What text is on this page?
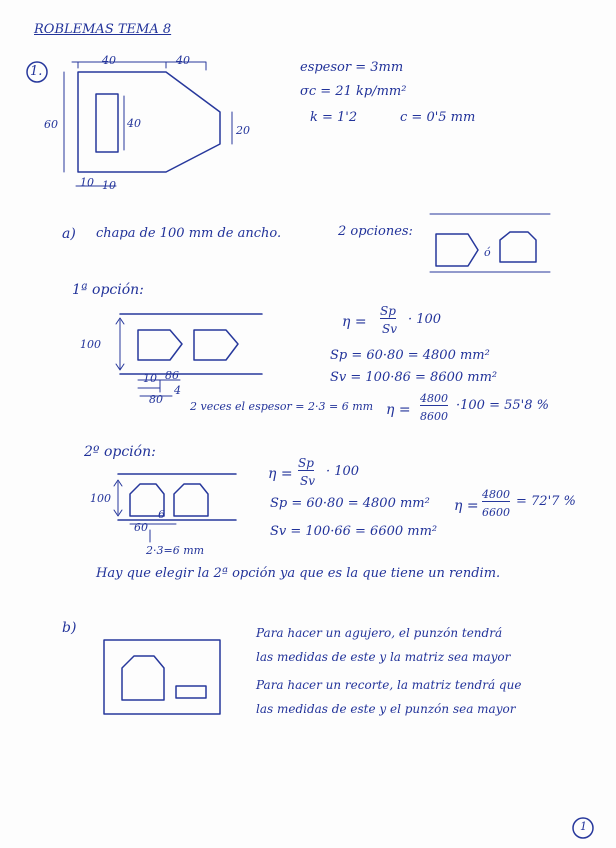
ROBLEMAS TEMA 8
1.
40	40
60	40
20
10 10
espesor = 3mm
σc = 21 kp/mm²
k = 1'2	c = 0'5 mm
a) chapa de 100 mm de ancho.	2 opciones:
ó
1ª opción:
100
10 86
4
80
2 veces el espesor = 2·3 = 6 mm
η =
Sp
Sv
· 100
Sp = 60·80 = 4800 mm²
Sv = 100·86 = 8600 mm²
η =
4800
8600
·100 = 55'8 %
2º opción:
100
60
6
2·3=6 mm
η =
Sp
Sv
· 100
Sp = 60·80 = 4800 mm²
Sv = 100·66 = 6600 mm²
η =
4800
6600
= 72'7 %
Hay que elegir la 2ª opción ya que es la que tiene un rendim.
b)	Para hacer un agujero, el punzón tendrá
las medidas de este y la matriz sea mayor
Para hacer un recorte, la matriz tendrá que
las medidas de este y el punzón sea mayor
1
